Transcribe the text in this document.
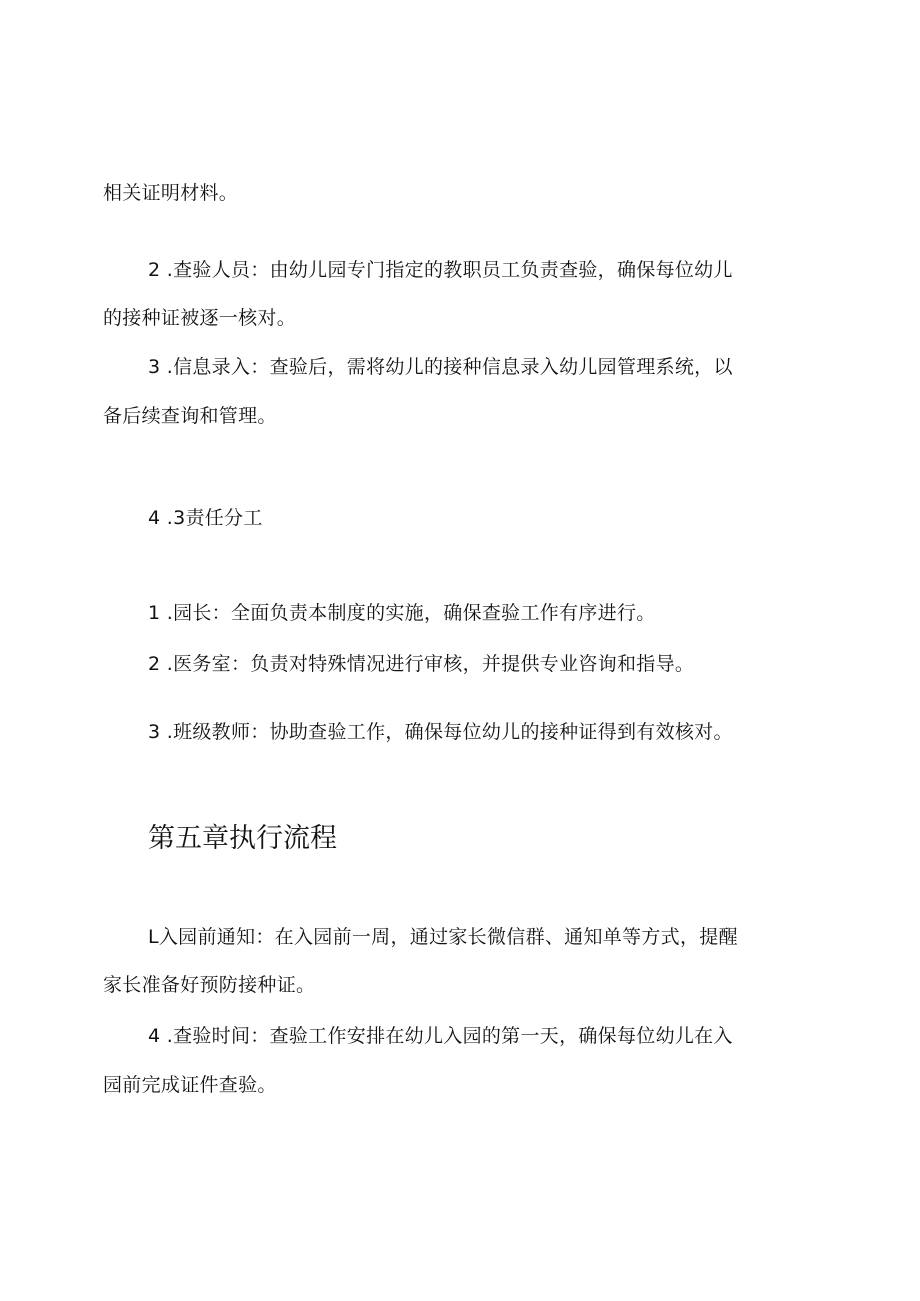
相关证明材料。
2 .查验人员：由幼儿园专门指定的教职员工负责查验，确保每位幼儿
的接种证被逐一核对。
3 .信息录入：查验后，需将幼儿的接种信息录入幼儿园管理系统，以
备后续查询和管理。
4 .3责任分工
1 .园长：全面负责本制度的实施，确保查验工作有序进行。
2 .医务室：负责对特殊情况进行审核，并提供专业咨询和指导。
3 .班级教师：协助查验工作，确保每位幼儿的接种证得到有效核对。
第五章执行流程
L入园前通知：在入园前一周，通过家长微信群、通知单等方式，提醒
家长准备好预防接种证。
4 .查验时间：查验工作安排在幼儿入园的第一天，确保每位幼儿在入
园前完成证件查验。
